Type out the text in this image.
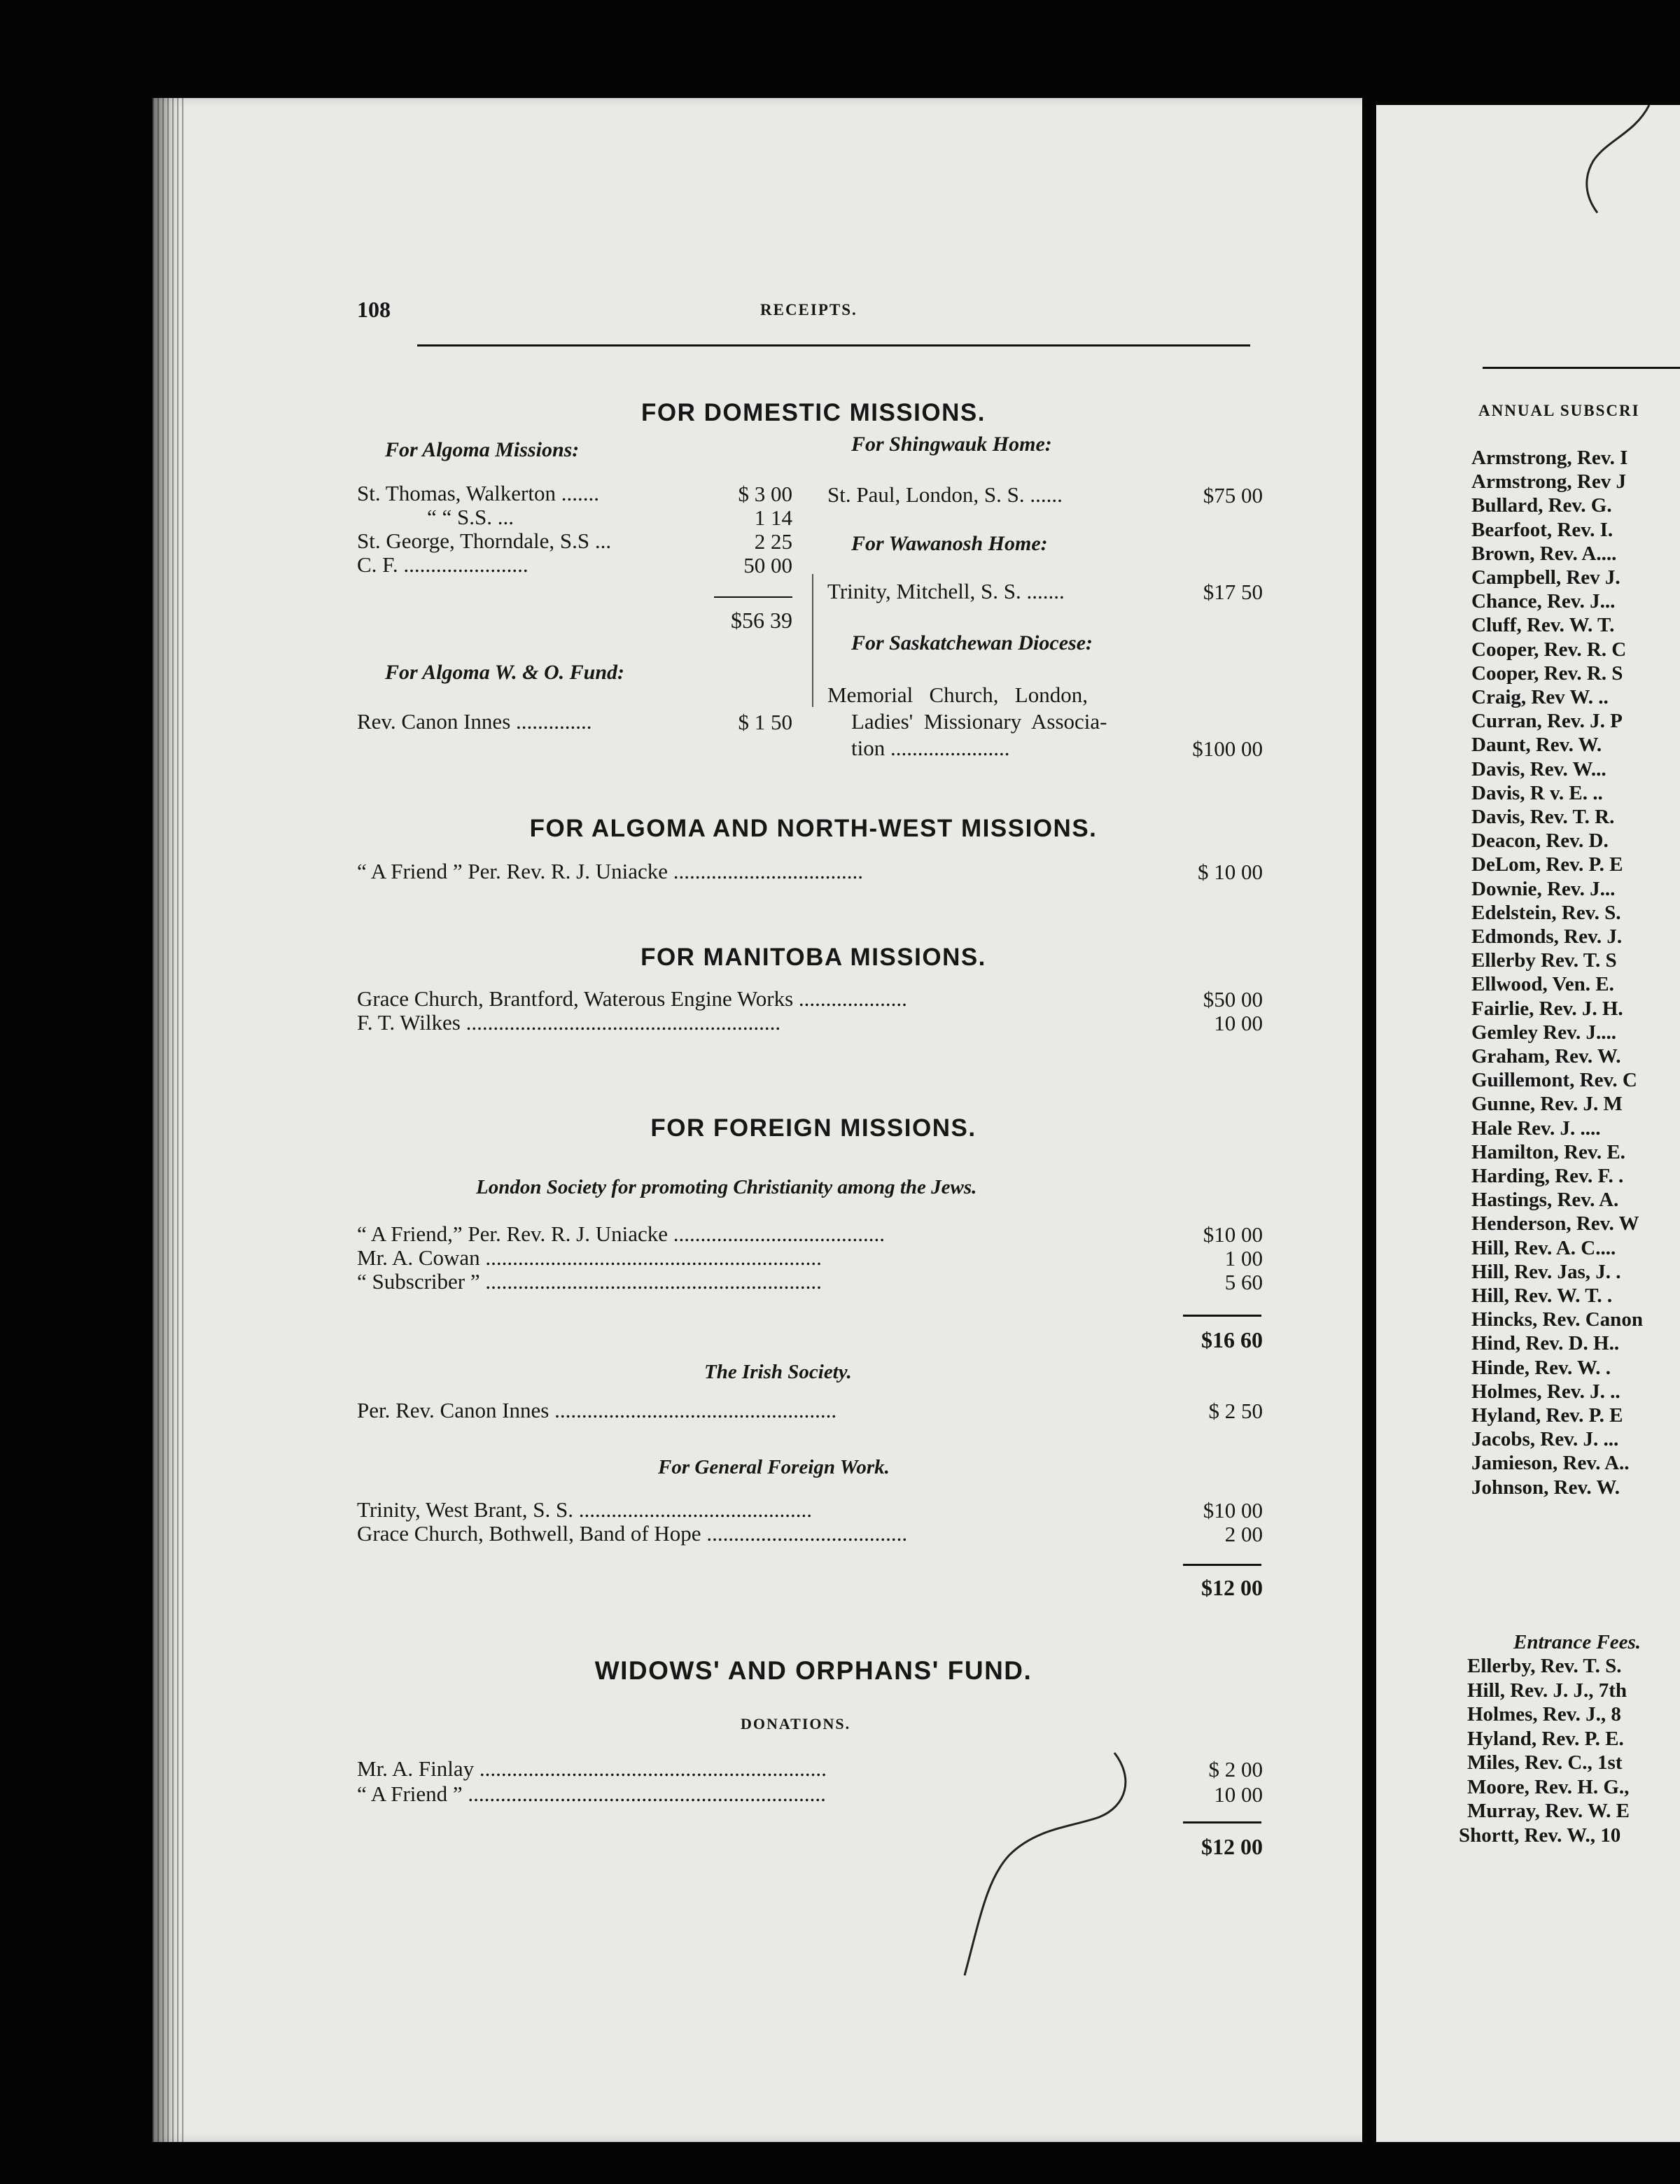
108	RECEIPTS.
FOR DOMESTIC MISSIONS.
For Algoma Missions:
St. Thomas, Walkerton .......	$ 3 00
“ “ S.S. ...	1 14
St. George, Thorndale, S.S ...	2 25
C. F. .......................	50 00
$56 39
For Algoma W. & O. Fund:
Rev. Canon Innes ..............	$ 1 50
For Shingwauk Home:
St. Paul, London, S. S. ......	$75 00
For Wawanosh Home:
Trinity, Mitchell, S. S. .......	$17 50
For Saskatchewan Diocese:
Memorial   Church,   London,
Ladies'  Missionary  Associa-
tion ......................	$100 00
FOR ALGOMA AND NORTH-WEST MISSIONS.
“ A Friend ” Per. Rev. R. J. Uniacke ...................................	$ 10 00
FOR MANITOBA MISSIONS.
Grace Church, Brantford, Waterous Engine Works ....................	$50 00
F. T. Wilkes ..........................................................	10 00
FOR FOREIGN MISSIONS.
London Society for promoting Christianity among the Jews.
“ A Friend,” Per. Rev. R. J. Uniacke .......................................	$10 00
Mr. A. Cowan ..............................................................	1 00
“ Subscriber ” ..............................................................	5 60
$16 60
The Irish Society.
Per. Rev. Canon Innes ....................................................	$ 2 50
For General Foreign Work.
Trinity, West Brant, S. S. ...........................................	$10 00
Grace Church, Bothwell, Band of Hope .....................................	2 00
$12 00
WIDOWS' AND ORPHANS' FUND.
DONATIONS.
Mr. A. Finlay ................................................................	$ 2 00
“ A Friend ” ..................................................................	10 00
$12 00
ANNUAL SUBSCRI
Armstrong, Rev. I
Armstrong, Rev J
Bullard, Rev. G.
Bearfoot, Rev. I.
Brown, Rev. A....
Campbell, Rev J.
Chance, Rev. J...
Cluff, Rev. W. T.
Cooper, Rev. R. C
Cooper, Rev. R. S
Craig, Rev W. ..
Curran, Rev. J. P
Daunt, Rev. W.
Davis, Rev. W...
Davis, R v. E. ..
Davis, Rev. T. R.
Deacon, Rev. D.
DeLom, Rev. P. E
Downie, Rev. J...
Edelstein, Rev. S.
Edmonds, Rev. J.
Ellerby Rev. T. S
Ellwood, Ven. E.
Fairlie, Rev. J. H.
Gemley Rev. J....
Graham, Rev. W.
Guillemont, Rev. C
Gunne, Rev. J. M
Hale Rev. J. ....
Hamilton, Rev. E.
Harding, Rev. F. .
Hastings, Rev. A.
Henderson, Rev. W
Hill, Rev. A. C....
Hill, Rev. Jas, J. .
Hill, Rev. W. T. .
Hincks, Rev. Canon
Hind, Rev. D. H..
Hinde, Rev. W. .
Holmes, Rev. J. ..
Hyland, Rev. P. E
Jacobs, Rev. J. ...
Jamieson, Rev. A..
Johnson, Rev. W.
Entrance Fees.
Ellerby, Rev. T. S.
Hill, Rev. J. J., 7th
Holmes, Rev. J., 8
Hyland, Rev. P. E.
Miles, Rev. C., 1st
Moore, Rev. H. G.,
Murray, Rev. W. E
Shortt, Rev. W., 10
